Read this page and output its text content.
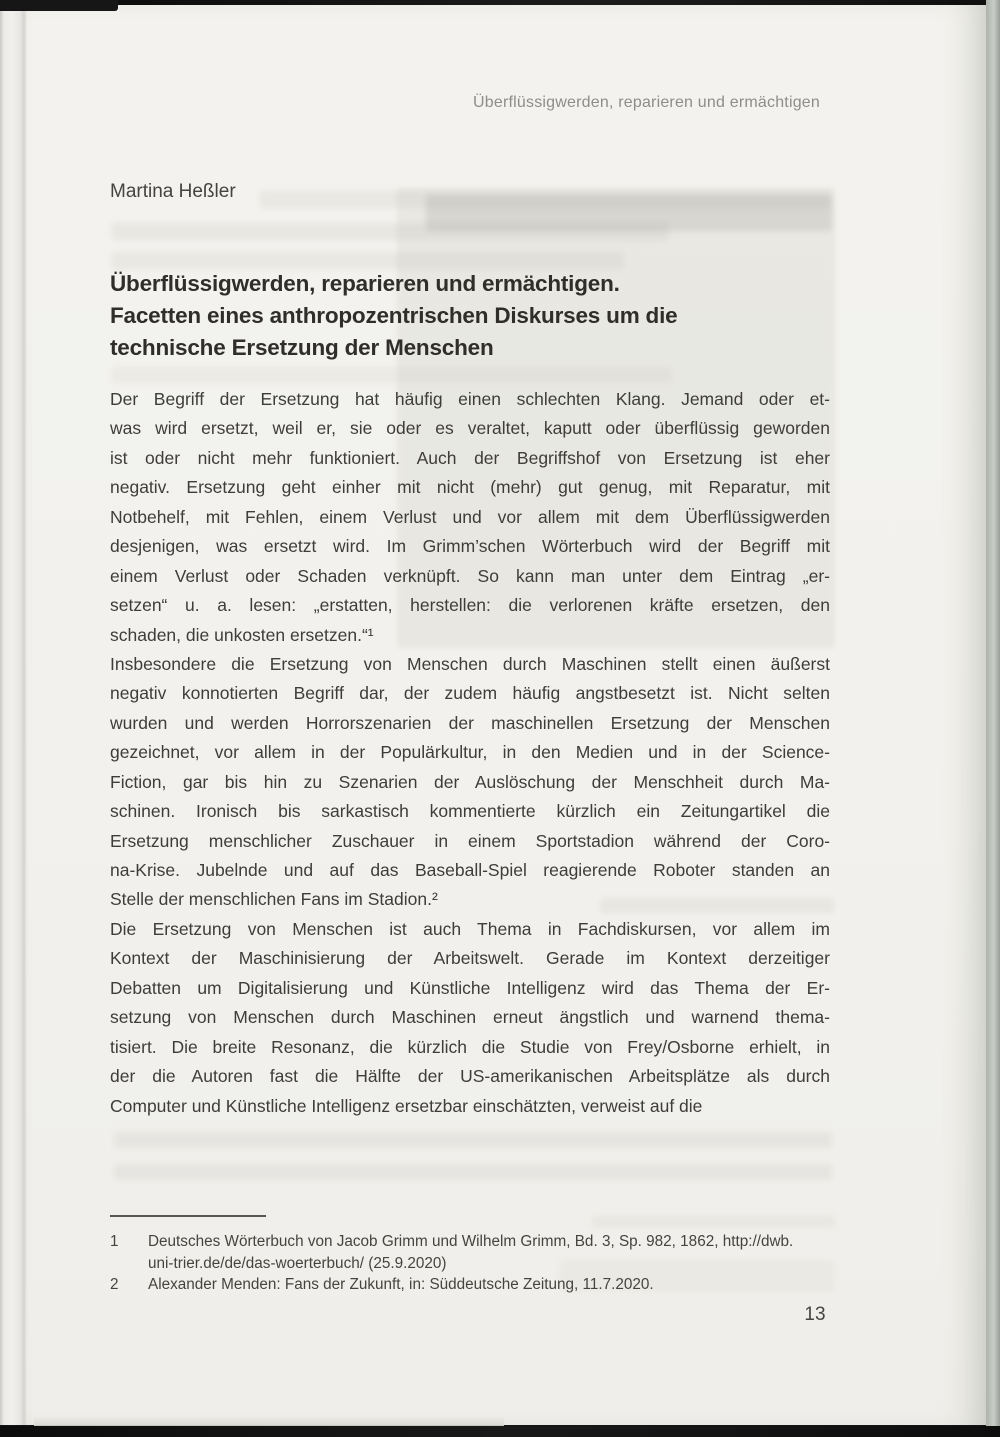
Überflüssigwerden, reparieren und ermächtigen
Martina Heßler
Überflüssigwerden, reparieren und ermächtigen.
Facetten eines anthropozentrischen Diskurses um die
technische Ersetzung der Menschen
Der Begriff der Ersetzung hat häufig einen schlechten Klang. Jemand oder et-
was wird ersetzt, weil er, sie oder es veraltet, kaputt oder überflüssig geworden
ist oder nicht mehr funktioniert. Auch der Begriffshof von Ersetzung ist eher
negativ. Ersetzung geht einher mit nicht (mehr) gut genug, mit Reparatur, mit
Notbehelf, mit Fehlen, einem Verlust und vor allem mit dem Überflüssigwerden
desjenigen, was ersetzt wird. Im Grimm’schen Wörterbuch wird der Begriff mit
einem Verlust oder Schaden verknüpft. So kann man unter dem Eintrag „er-
setzen“ u. a. lesen: „erstatten, herstellen: die verlorenen kräfte ersetzen, den
schaden, die unkosten ersetzen.“¹
Insbesondere die Ersetzung von Menschen durch Maschinen stellt einen äußerst
negativ konnotierten Begriff dar, der zudem häufig angstbesetzt ist. Nicht selten
wurden und werden Horrorszenarien der maschinellen Ersetzung der Menschen
gezeichnet, vor allem in der Populärkultur, in den Medien und in der Science-
Fiction, gar bis hin zu Szenarien der Auslöschung der Menschheit durch Ma-
schinen. Ironisch bis sarkastisch kommentierte kürzlich ein Zeitungartikel die
Ersetzung menschlicher Zuschauer in einem Sportstadion während der Coro-
na-Krise. Jubelnde und auf das Baseball-Spiel reagierende Roboter standen an
Stelle der menschlichen Fans im Stadion.²
Die Ersetzung von Menschen ist auch Thema in Fachdiskursen, vor allem im
Kontext der Maschinisierung der Arbeitswelt. Gerade im Kontext derzeitiger
Debatten um Digitalisierung und Künstliche Intelligenz wird das Thema der Er-
setzung von Menschen durch Maschinen erneut ängstlich und warnend thema-
tisiert. Die breite Resonanz, die kürzlich die Studie von Frey/Osborne erhielt, in
der die Autoren fast die Hälfte der US-amerikanischen Arbeitsplätze als durch
Computer und Künstliche Intelligenz ersetzbar einschätzten, verweist auf die
1	Deutsches Wörterbuch von Jacob Grimm und Wilhelm Grimm, Bd. 3, Sp. 982, 1862, http://dwb.
uni-trier.de/de/das-woerterbuch/ (25.9.2020)
2	Alexander Menden: Fans der Zukunft, in: Süddeutsche Zeitung, 11.7.2020.
13
